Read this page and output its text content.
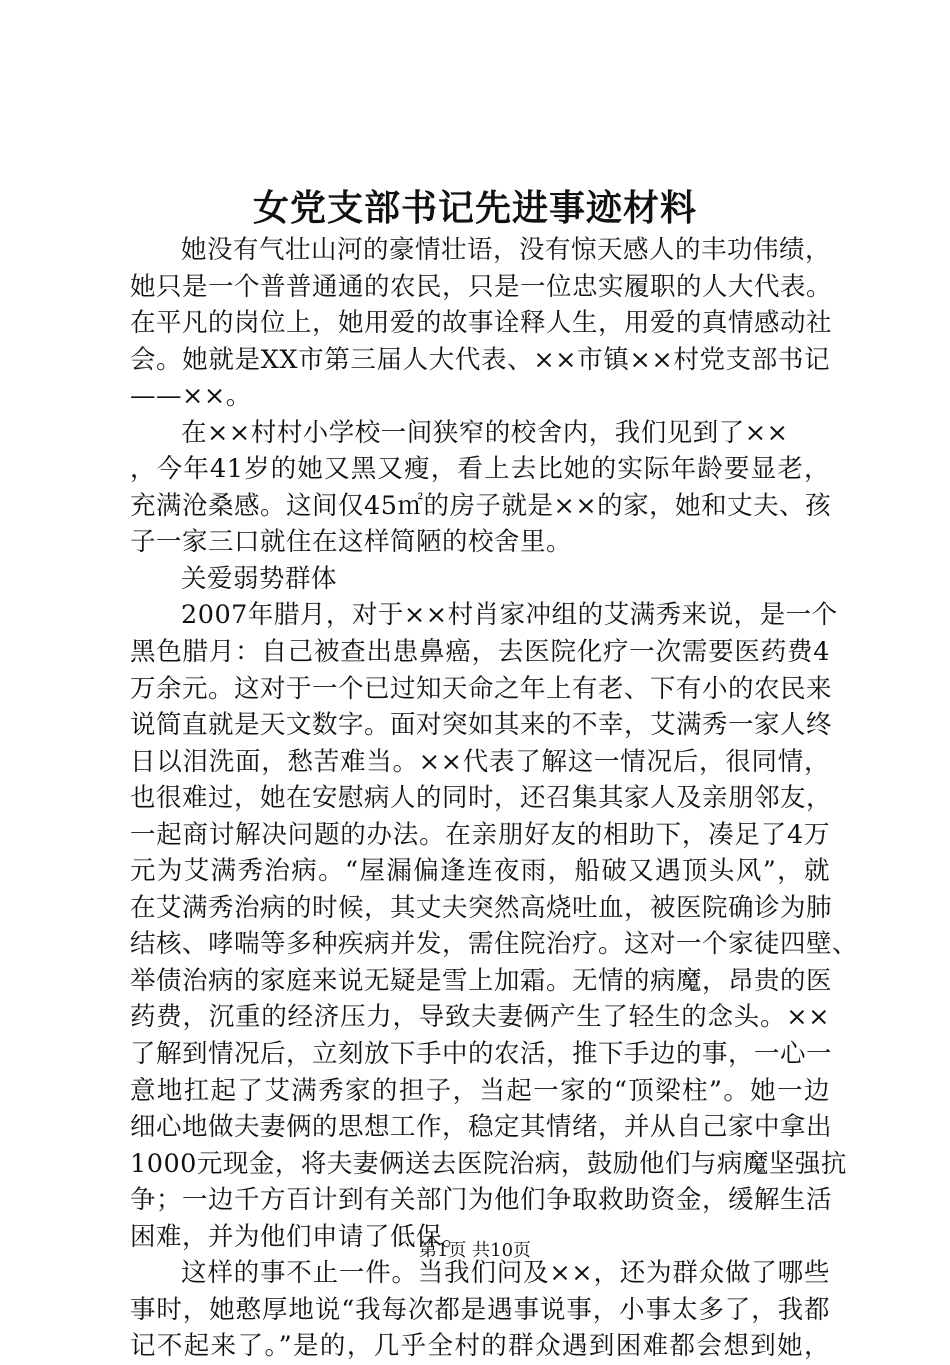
女党支部书记先进事迹材料
她没有气壮山河的豪情壮语，没有惊天感人的丰功伟绩，
她只是一个普普通通的农民，只是一位忠实履职的人大代表。
在平凡的岗位上，她用爱的故事诠释人生，用爱的真情感动社
会。她就是XX市第三届人大代表、××市镇××村党支部书记
——××。
在××村村小学校一间狭窄的校舍内，我们见到了××
，今年41岁的她又黑又瘦，看上去比她的实际年龄要显老，
充满沧桑感。这间仅45㎡的房子就是××的家，她和丈夫、孩
子一家三口就住在这样简陋的校舍里。
关爱弱势群体
2007年腊月，对于××村肖家冲组的艾满秀来说，是一个
黑色腊月：自己被查出患鼻癌，去医院化疗一次需要医药费4
万余元。这对于一个已过知天命之年上有老、下有小的农民来
说简直就是天文数字。面对突如其来的不幸，艾满秀一家人终
日以泪洗面，愁苦难当。××代表了解这一情况后，很同情，
也很难过，她在安慰病人的同时，还召集其家人及亲朋邻友，
一起商讨解决问题的办法。在亲朋好友的相助下，凑足了4万
元为艾满秀治病。“屋漏偏逢连夜雨，船破又遇顶头风”，就
在艾满秀治病的时候，其丈夫突然高烧吐血，被医院确诊为肺
结核、哮喘等多种疾病并发，需住院治疗。这对一个家徒四壁、
举债治病的家庭来说无疑是雪上加霜。无情的病魔，昂贵的医
药费，沉重的经济压力，导致夫妻俩产生了轻生的念头。××
了解到情况后，立刻放下手中的农活，推下手边的事，一心一
意地扛起了艾满秀家的担子，当起一家的“顶梁柱”。她一边
细心地做夫妻俩的思想工作，稳定其情绪，并从自己家中拿出
1000元现金，将夫妻俩送去医院治病，鼓励他们与病魔坚强抗
争；一边千方百计到有关部门为他们争取救助资金，缓解生活
困难，并为他们申请了低保。
这样的事不止一件。当我们问及××，还为群众做了哪些
事时，她憨厚地说“我每次都是遇事说事，小事太多了，我都
记不起来了。”是的，几乎全村的群众遇到困难都会想到她，
第1页 共10页
